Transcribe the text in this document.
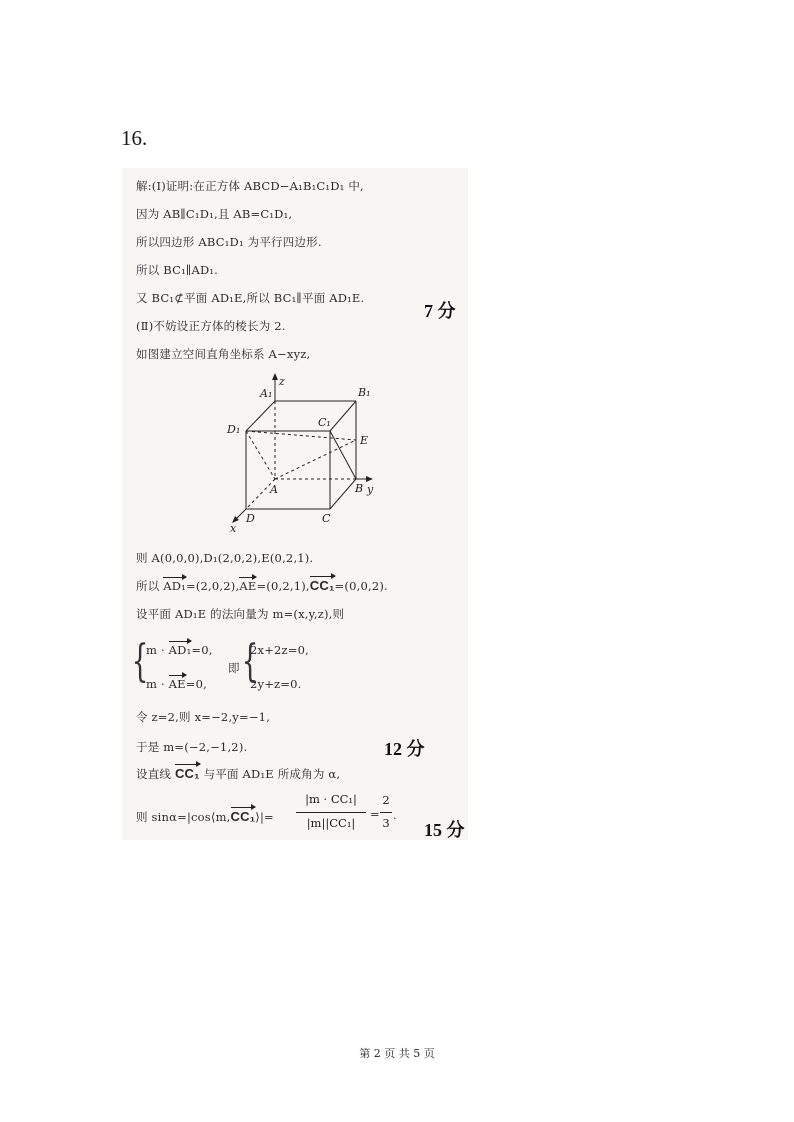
16.
解:(Ⅰ)证明:在正方体 ABCD−A₁B₁C₁D₁ 中,
因为 AB∥C₁D₁,且 AB=C₁D₁,
所以四边形 ABC₁D₁ 为平行四边形.
所以 BC₁∥AD₁.
又 BC₁⊄平面 AD₁E,所以 BC₁∥平面 AD₁E.
7 分
(Ⅱ)不妨设正方体的棱长为 2.
如图建立空间直角坐标系 A−xyz,
A₁	B₁
C₁
D₁
E
A	B y
z
D	C
x
则 A(0,0,0),D₁(2,0,2),E(0,2,1).
所以 AD₁=(2,0,2),AE=(0,2,1),CC₁=(0,0,2).
设平面 AD₁E 的法向量为 m=(x,y,z),则
{
m · AD₁=0,
m · AE=0,
即 {
2x+2z=0,
2y+z=0.
令 z=2,则 x=−2,y=−1,
于是 m=(−2,−1,2).	12 分
设直线 CC₁ 与平面 AD₁E 所成角为 α,
则 sinα=|cos⟨m,CC₁⟩|=
|m · CC₁|
|m||CC₁|
=
2
3
.
15 分
第 2 页 共 5 页
